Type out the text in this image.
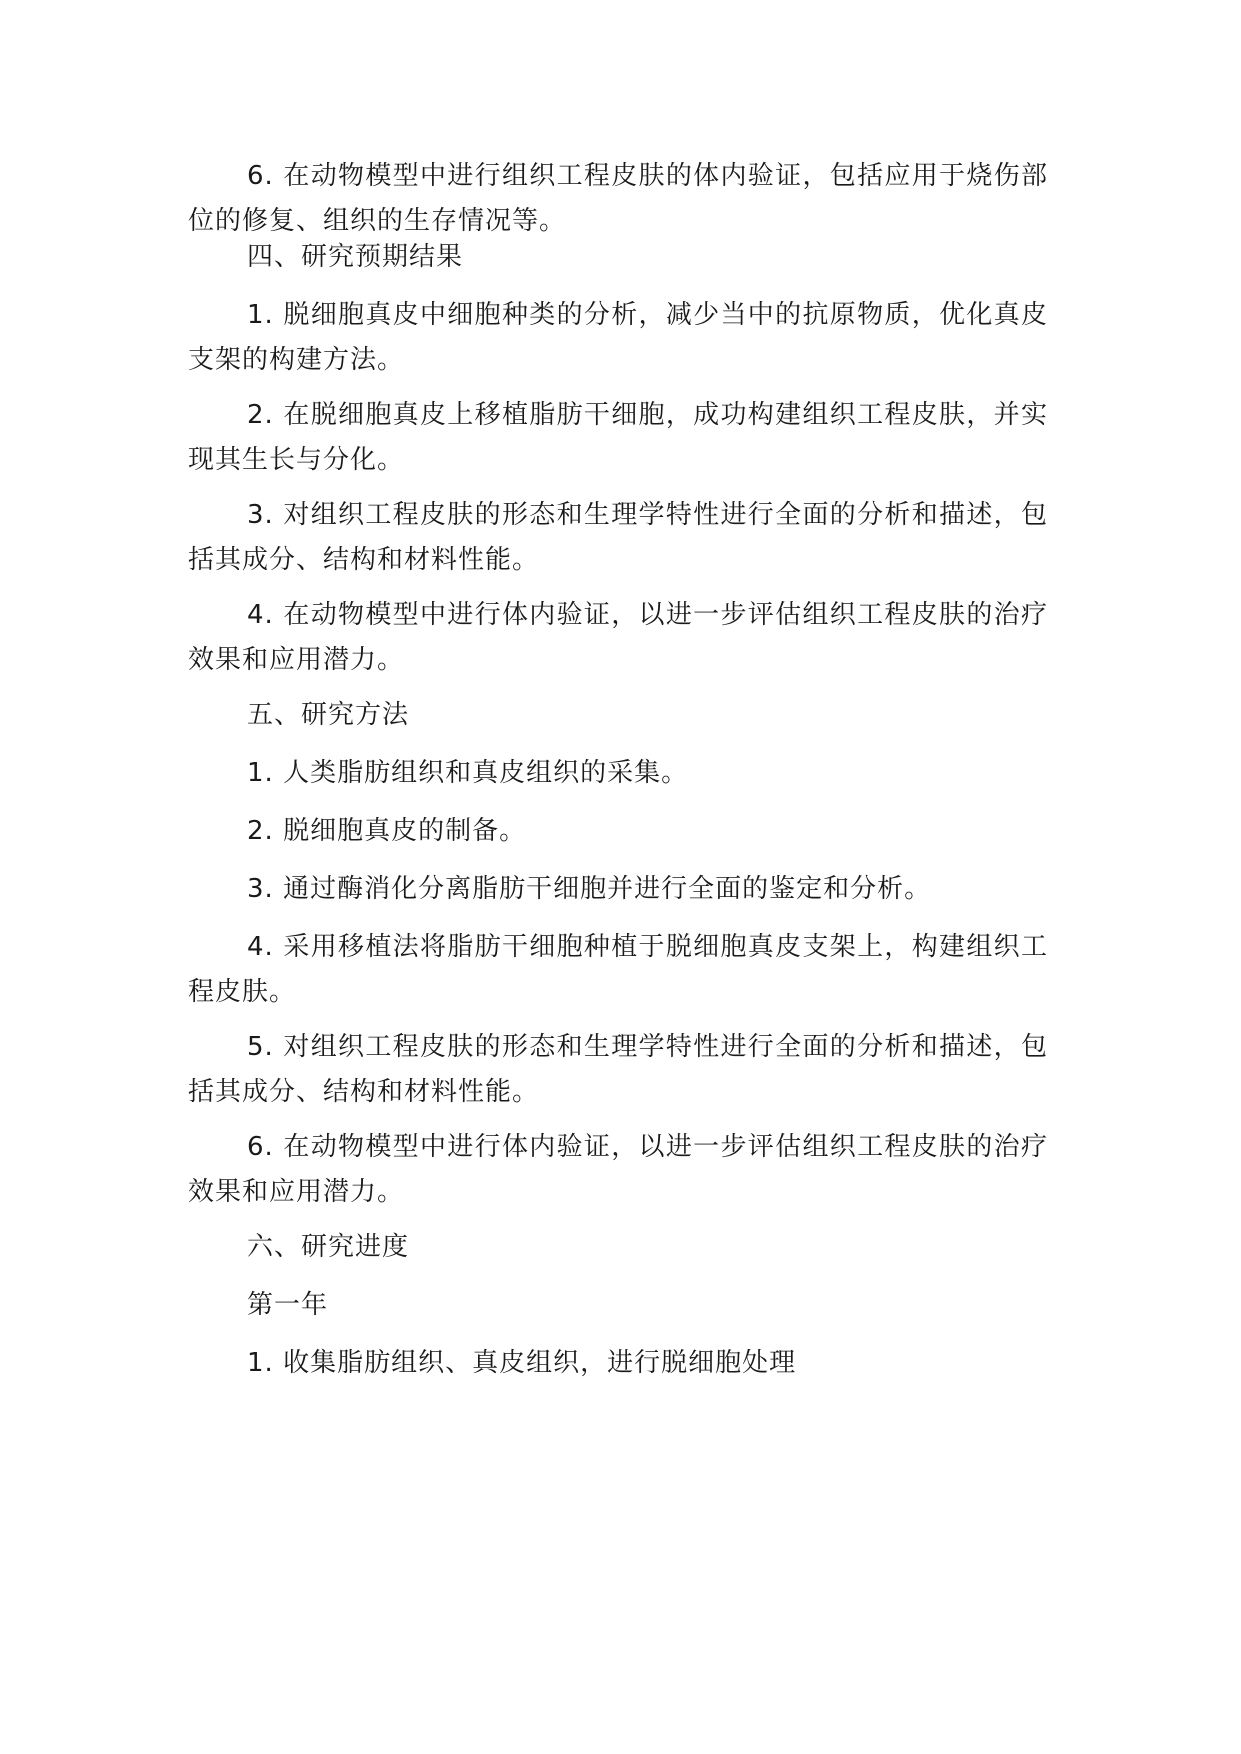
6. 在动物模型中进行组织工程皮肤的体内验证，包括应用于烧伤部位的修复、组织的生存情况等。

四、研究预期结果

1. 脱细胞真皮中细胞种类的分析，减少当中的抗原物质，优化真皮支架的构建方法。

2. 在脱细胞真皮上移植脂肪干细胞，成功构建组织工程皮肤，并实现其生长与分化。

3. 对组织工程皮肤的形态和生理学特性进行全面的分析和描述，包括其成分、结构和材料性能。

4. 在动物模型中进行体内验证，以进一步评估组织工程皮肤的治疗效果和应用潜力。

五、研究方法

1. 人类脂肪组织和真皮组织的采集。

2. 脱细胞真皮的制备。

3. 通过酶消化分离脂肪干细胞并进行全面的鉴定和分析。

4. 采用移植法将脂肪干细胞种植于脱细胞真皮支架上，构建组织工程皮肤。

5. 对组织工程皮肤的形态和生理学特性进行全面的分析和描述，包括其成分、结构和材料性能。

6. 在动物模型中进行体内验证，以进一步评估组织工程皮肤的治疗效果和应用潜力。

六、研究进度

第一年

1. 收集脂肪组织、真皮组织，进行脱细胞处理
